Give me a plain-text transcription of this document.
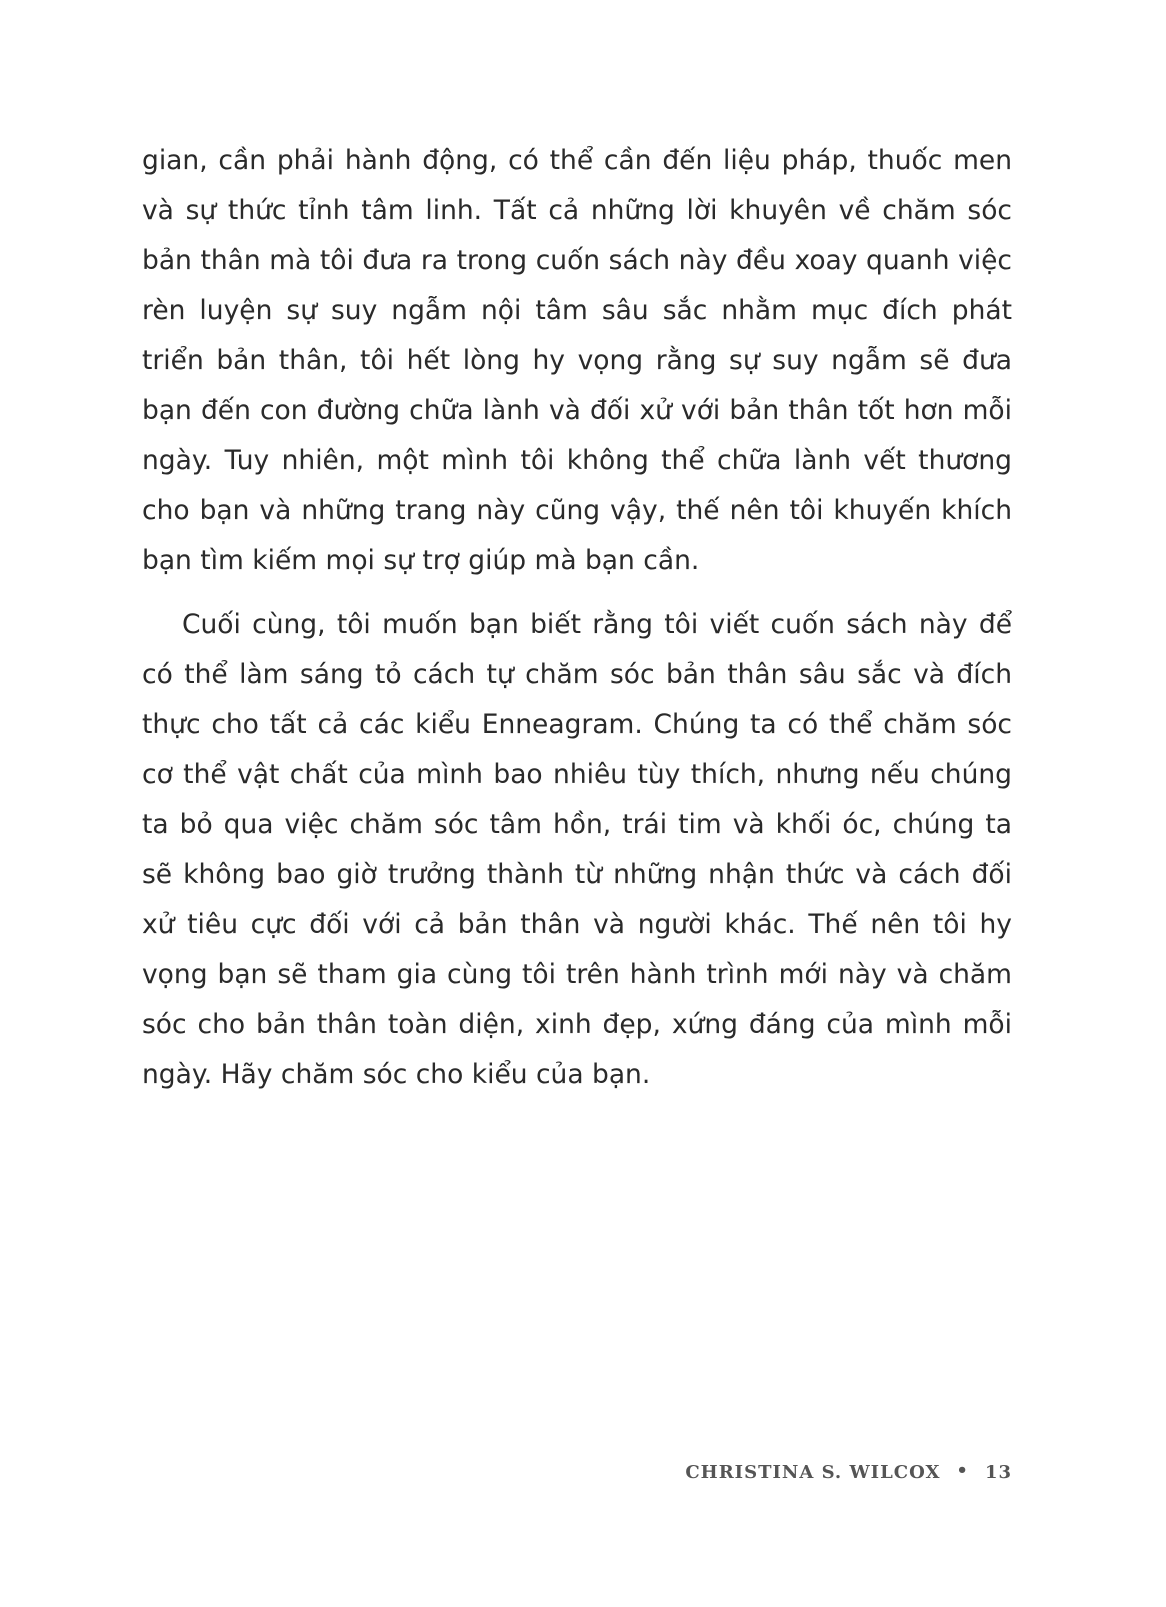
gian, cần phải hành động, có thể cần đến liệu pháp, thuốc men và sự thức tỉnh tâm linh. Tất cả những lời khuyên về chăm sóc bản thân mà tôi đưa ra trong cuốn sách này đều xoay quanh việc rèn luyện sự suy ngẫm nội tâm sâu sắc nhằm mục đích phát triển bản thân, tôi hết lòng hy vọng rằng sự suy ngẫm sẽ đưa bạn đến con đường chữa lành và đối xử với bản thân tốt hơn mỗi ngày. Tuy nhiên, một mình tôi không thể chữa lành vết thương cho bạn và những trang này cũng vậy, thế nên tôi khuyến khích bạn tìm kiếm mọi sự trợ giúp mà bạn cần.

Cuối cùng, tôi muốn bạn biết rằng tôi viết cuốn sách này để có thể làm sáng tỏ cách tự chăm sóc bản thân sâu sắc và đích thực cho tất cả các kiểu Enneagram. Chúng ta có thể chăm sóc cơ thể vật chất của mình bao nhiêu tùy thích, nhưng nếu chúng ta bỏ qua việc chăm sóc tâm hồn, trái tim và khối óc, chúng ta sẽ không bao giờ trưởng thành từ những nhận thức và cách đối xử tiêu cực đối với cả bản thân và người khác. Thế nên tôi hy vọng bạn sẽ tham gia cùng tôi trên hành trình mới này và chăm sóc cho bản thân toàn diện, xinh đẹp, xứng đáng của mình mỗi ngày. Hãy chăm sóc cho kiểu của bạn.

CHRISTINA S. WILCOX • 13
